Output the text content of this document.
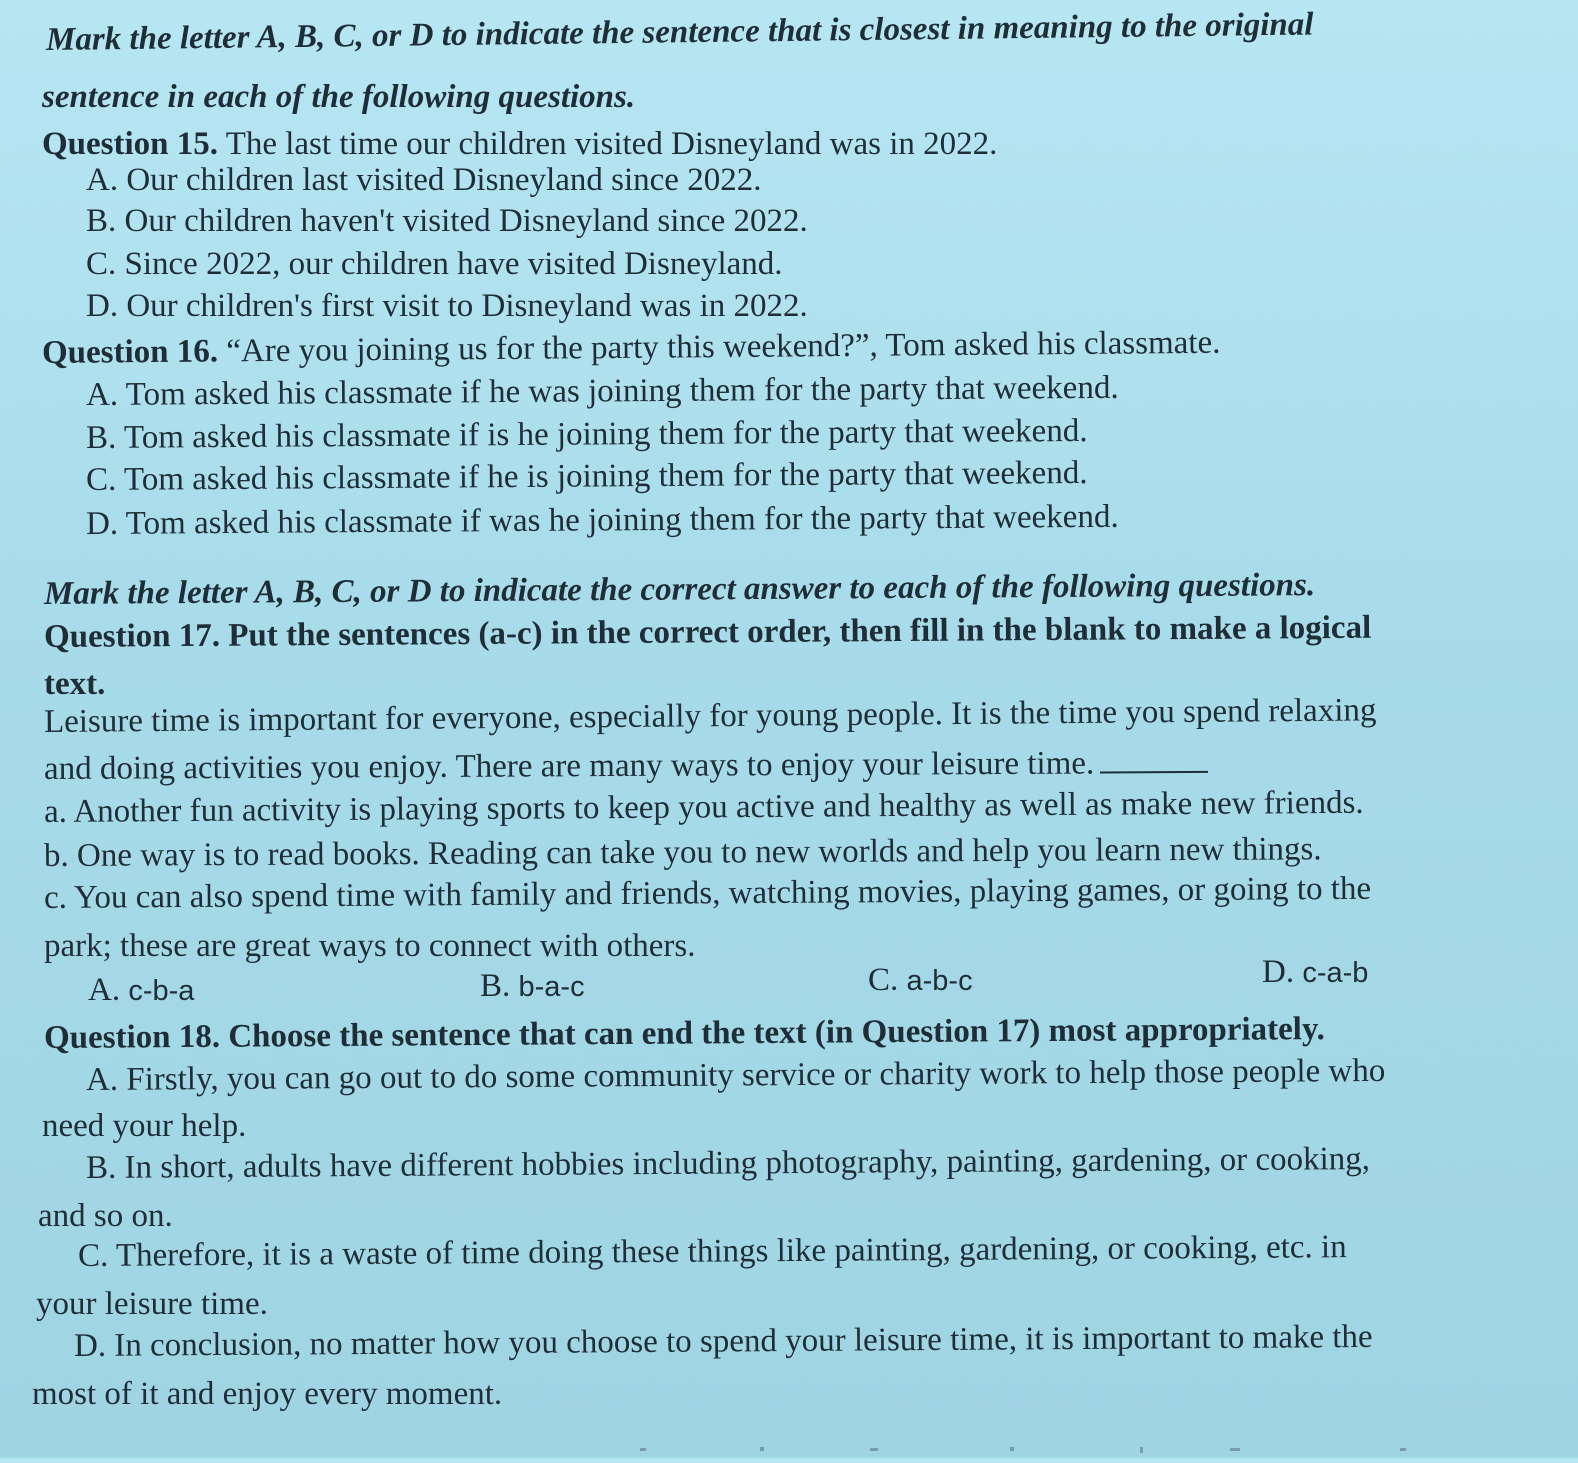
Mark the letter A, B, C, or D to indicate the sentence that is closest in meaning to the original
sentence in each of the following questions.
Question 15. The last time our children visited Disneyland was in 2022.
A. Our children last visited Disneyland since 2022.
B. Our children haven't visited Disneyland since 2022.
C. Since 2022, our children have visited Disneyland.
D. Our children's first visit to Disneyland was in 2022.
Question 16. “Are you joining us for the party this weekend?”, Tom asked his classmate.
A. Tom asked his classmate if he was joining them for the party that weekend.
B. Tom asked his classmate if is he joining them for the party that weekend.
C. Tom asked his classmate if he is joining them for the party that weekend.
D. Tom asked his classmate if was he joining them for the party that weekend.
Mark the letter A, B, C, or D to indicate the correct answer to each of the following questions.
Question 17. Put the sentences (a-c) in the correct order, then fill in the blank to make a logical
text.
Leisure time is important for everyone, especially for young people. It is the time you spend relaxing
and doing activities you enjoy. There are many ways to enjoy your leisure time.
a. Another fun activity is playing sports to keep you active and healthy as well as make new friends.
b. One way is to read books. Reading can take you to new worlds and help you learn new things.
c. You can also spend time with family and friends, watching movies, playing games, or going to the
park; these are great ways to connect with others.
A. c-b-a	B. b-a-c	C. a-b-c	D. c-a-b
Question 18. Choose the sentence that can end the text (in Question 17) most appropriately.
A. Firstly, you can go out to do some community service or charity work to help those people who
need your help.
B. In short, adults have different hobbies including photography, painting, gardening, or cooking,
and so on.
C. Therefore, it is a waste of time doing these things like painting, gardening, or cooking, etc. in
your leisure time.
D. In conclusion, no matter how you choose to spend your leisure time, it is important to make the
most of it and enjoy every moment.
